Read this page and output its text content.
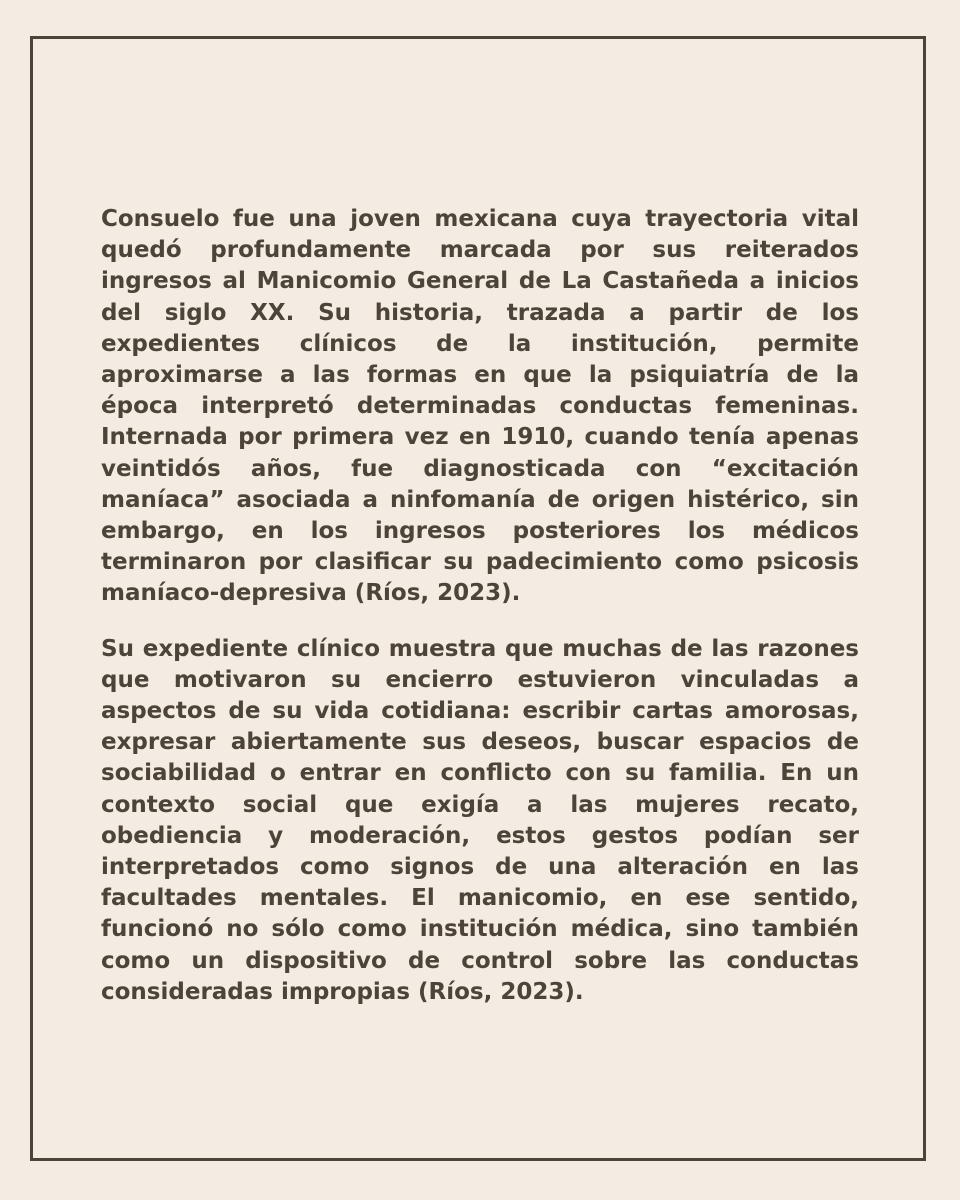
Consuelo fue una joven mexicana cuya trayectoria vital quedó profundamente marcada por sus reiterados ingresos al Manicomio General de La Castañeda a inicios del siglo XX. Su historia, trazada a partir de los expedientes clínicos de la institución, permite aproximarse a las formas en que la psiquiatría de la época interpretó determinadas conductas femeninas. Internada por primera vez en 1910, cuando tenía apenas veintidós años, fue diagnosticada con “excitación maníaca” asociada a ninfomanía de origen histérico, sin embargo, en los ingresos posteriores los médicos terminaron por clasificar su padecimiento como psicosis maníaco-depresiva (Ríos, 2023).

Su expediente clínico muestra que muchas de las razones que motivaron su encierro estuvieron vinculadas a aspectos de su vida cotidiana: escribir cartas amorosas, expresar abiertamente sus deseos, buscar espacios de sociabilidad o entrar en conflicto con su familia. En un contexto social que exigía a las mujeres recato, obediencia y moderación, estos gestos podían ser interpretados como signos de una alteración en las facultades mentales. El manicomio, en ese sentido, funcionó no sólo como institución médica, sino también como un dispositivo de control sobre las conductas consideradas impropias (Ríos, 2023).
